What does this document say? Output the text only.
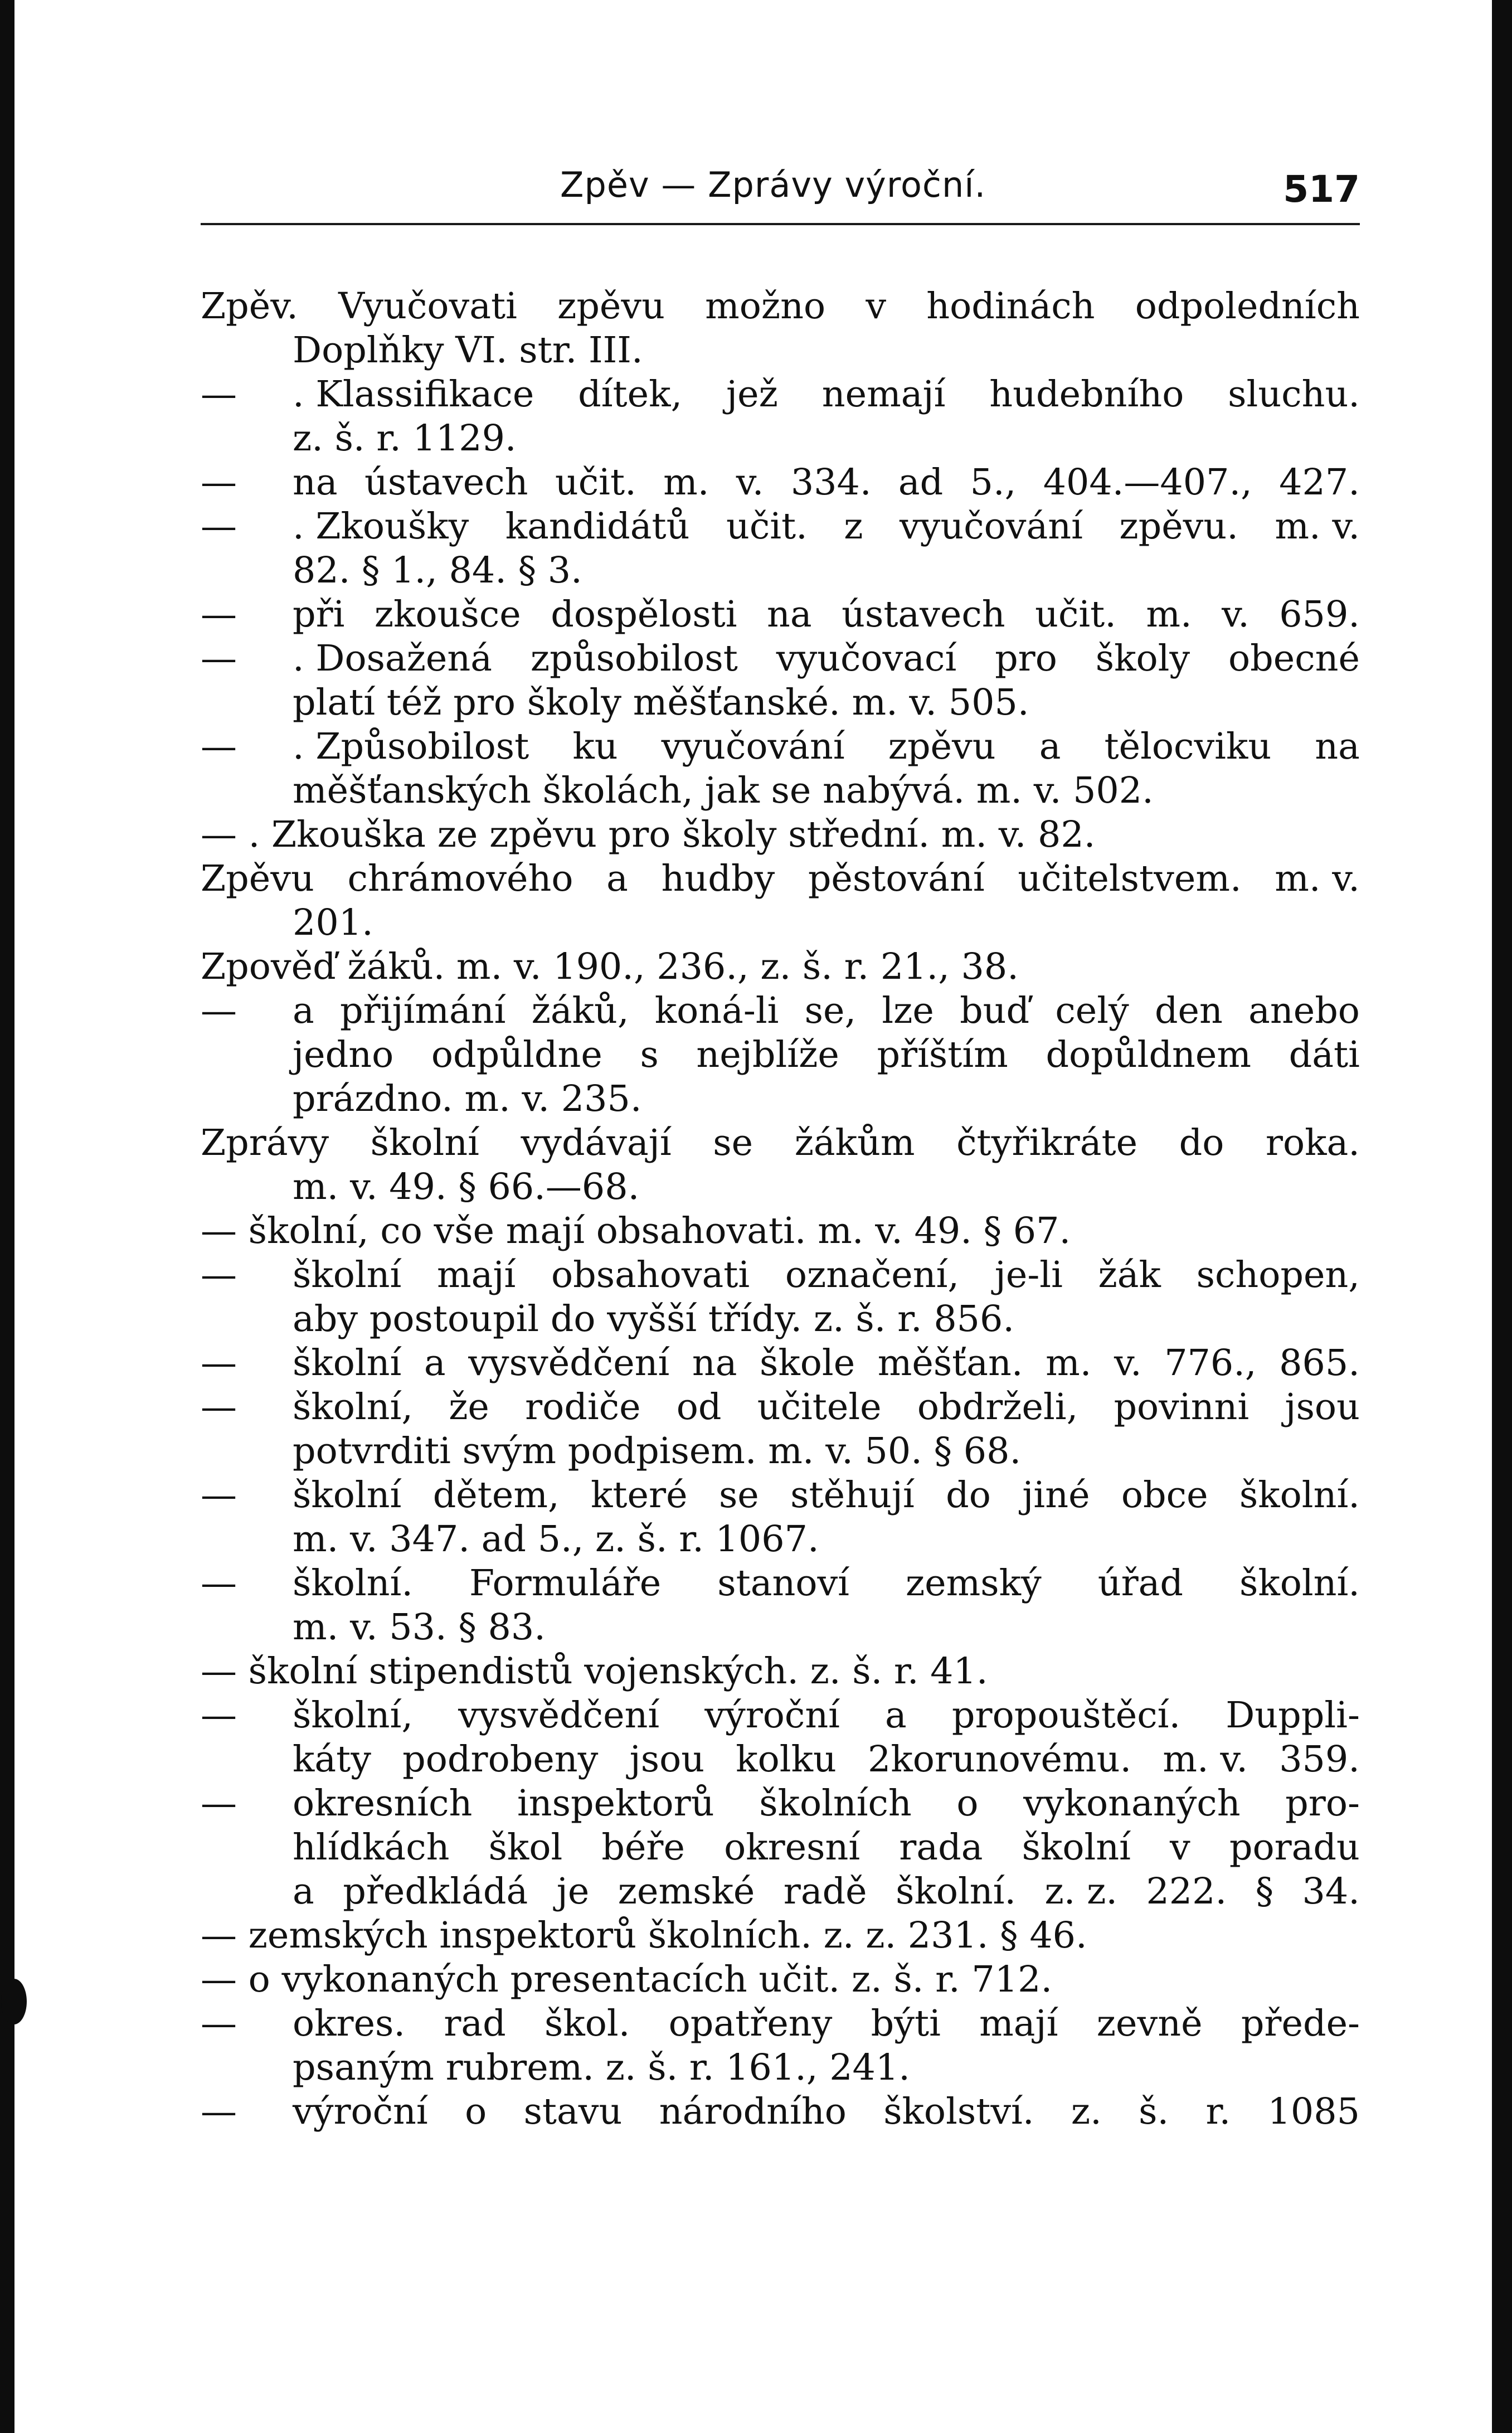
Zpěv — Zprávy výroční.	517
Zpěv. Vyučovati zpěvu možno v hodinách odpoledních
Doplňky VI. str. III.
—	. Klassifikace dítek, jež nemají hudebního sluchu.
z. š. r. 1129.
—	na ústavech učit. m. v. 334. ad 5., 404.—407., 427.
—	. Zkoušky kandidátů učit. z vyučování zpěvu. m. v.
82. § 1., 84. § 3.
—	při zkoušce dospělosti na ústavech učit. m. v. 659.
—	. Dosažená způsobilost vyučovací pro školy obecné
platí též pro školy měšťanské. m. v. 505.
—	. Způsobilost ku vyučování zpěvu a tělocviku na
měšťanských školách, jak se nabývá. m. v. 502.
— . Zkouška ze zpěvu pro školy střední. m. v. 82.
Zpěvu chrámového a hudby pěstování učitelstvem. m. v.
201.
Zpověď žáků. m. v. 190., 236., z. š. r. 21., 38.
—	a přijímání žáků, koná-li se, lze buď celý den anebo
jedno odpůldne s nejblíže příštím dopůldnem dáti
prázdno. m. v. 235.
Zprávy školní vydávají se žákům čtyřikráte do roka.
m. v. 49. § 66.—68.
— školní, co vše mají obsahovati. m. v. 49. § 67.
—	školní mají obsahovati označení, je-li žák schopen,
aby postoupil do vyšší třídy. z. š. r. 856.
—	školní a vysvědčení na škole měšťan. m. v. 776., 865.
—	školní, že rodiče od učitele obdrželi, povinni jsou
potvrditi svým podpisem. m. v. 50. § 68.
—	školní dětem, které se stěhují do jiné obce školní.
m. v. 347. ad 5., z. š. r. 1067.
—	školní. Formuláře stanoví zemský úřad školní.
m. v. 53. § 83.
— školní stipendistů vojenských. z. š. r. 41.
—	školní, vysvědčení výroční a propouštěcí. Duppli-
káty podrobeny jsou kolku 2korunovému. m. v. 359.
—	okresních inspektorů školních o vykonaných pro-
hlídkách škol béře okresní rada školní v poradu
a předkládá je zemské radě školní. z. z. 222. § 34.
— zemských inspektorů školních. z. z. 231. § 46.
— o vykonaných presentacích učit. z. š. r. 712.
—	okres. rad škol. opatřeny býti mají zevně přede-
psaným rubrem. z. š. r. 161., 241.
—	výroční o stavu národního školství. z. š. r. 1085
